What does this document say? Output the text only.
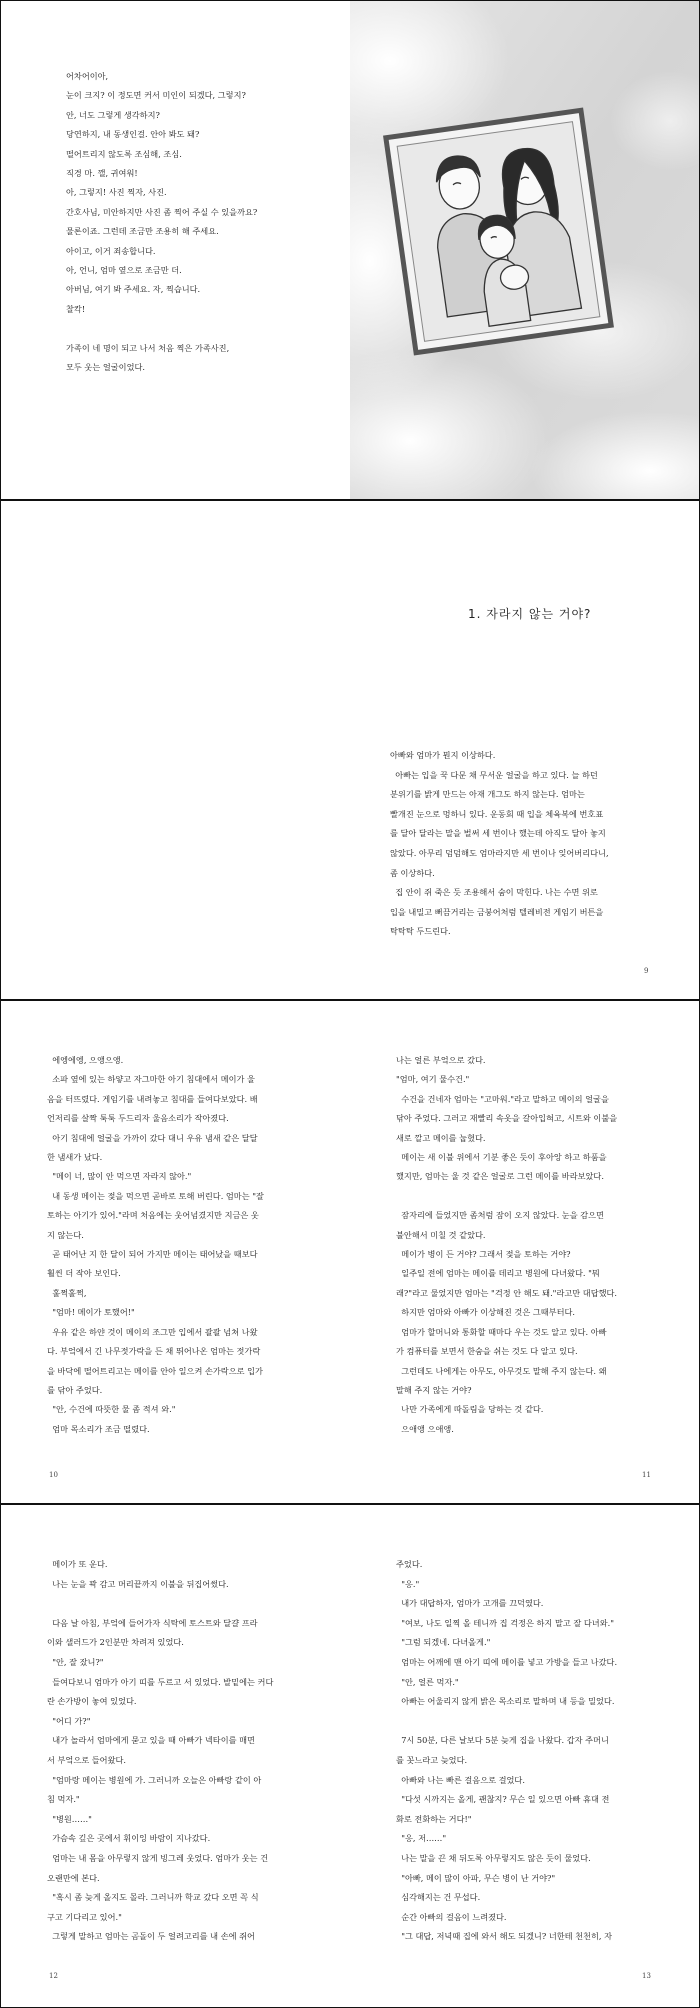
어차어이아,
눈이 크지? 이 정도면 커서 미인이 되겠다, 그렇지?
안, 너도 그렇게 생각하지?
당연하지, 내 동생인걸. 안아 봐도 돼?
떨어트리지 않도록 조심해, 조심.
직경 마. 깰, 귀여워!
아, 그렇지! 사진 찍자, 사진.
간호사님, 미안하지만 사진 좀 찍어 주실 수 있을까요?
물론이죠. 그런데 조금만 조용히 해 주세요.
아이고, 이거 죄송합니다.
아, 언니, 엄마 옆으로 조금만 더.
아버님, 여기 봐 주세요. 자, 찍습니다.
찰칵!

가족이 네 명이 되고 나서 처음 찍은 가족사진,
모두 웃는 얼굴이었다.
아빠와 엄마가 뭔지 이상하다.
아빠는 입을 꾹 다문 채 무서운 얼굴을 하고 있다. 늘 하던
분위기를 밝게 만드는 아재 개그도 하지 않는다. 엄마는
빨개진 눈으로 멍하니 있다. 운동회 때 입을 체육복에 번호표
를 달아 달라는 말을 벌써 세 번이나 했는데 아직도 달아 놓지
않았다. 아무리 덤덤해도 엄마라지만 세 번이나 잊어버리다니,
좀 이상하다.
집 안이 쥐 죽은 듯 조용해서 숨이 막힌다. 나는 수면 위로
입을 내밀고 뻐끔거리는 금붕어처럼 텔레비전 게임기 버튼을
탁탁탁 두드린다.
9
1. 자라지 않는 거야?
에엥에엥, 으앵으앵.
소파 옆에 있는 하얗고 자그마한 아기 침대에서 메이가 울
음을 터뜨렸다. 게임기를 내려놓고 침대를 들여다보았다. 배
언저리를 살짝 툭툭 두드리자 울음소리가 작아졌다.
아기 침대에 얼굴을 가까이 갔다 대니 우유 냄새 같은 달달
한 냄새가 났다.
"메이 너, 많이 안 먹으면 자라지 않아."
내 동생 메이는 젖을 먹으면 곧바로 토해 버린다. 엄마는 "잘
토하는 아기가 있어."라며 처음에는 웃어넘겼지만 지금은 웃
지 않는다.
곧 태어난 지 한 달이 되어 가지만 메이는 태어났을 때보다
훨씬 더 작아 보인다.
훌쩍훌쩍,
"엄마! 메이가 토했어!"
우유 같은 하얀 것이 메이의 조그만 입에서 괄괄 넘쳐 나왔
다. 부엌에서 긴 나무젓가락을 든 채 뛰어나온 엄마는 젓가락
을 바닥에 떨어트리고는 메이를 안아 일으켜 손가락으로 입가
를 닦아 주었다.
"안, 수건에 따뜻한 물 좀 적셔 와."
엄마 목소리가 조금 떨렸다.
10
나는 얼른 부엌으로 갔다.
"엄마, 여기 물수건."
수건을 건네자 엄마는 "고마워."라고 말하고 메이의 얼굴을
닦아 주었다. 그러고 재빨리 속옷을 갈아입혀고, 시트와 이불을
새로 깔고 메이를 눕혔다.
메이는 새 이불 위에서 기분 좋은 듯이 후아앙 하고 하품을
했지만, 엄마는 울 것 같은 얼굴로 그런 메이를 바라보았다.

잠자리에 들었지만 좀처럼 잠이 오지 않았다. 눈을 감으면
불안해서 미칠 것 같았다.
메이가 병이 든 거야? 그래서 젖을 토하는 거야?
일주일 전에 엄마는 메이를 데리고 병원에 다녀왔다. "뭐
래?"라고 물었지만 엄마는 "걱정 안 해도 돼."라고만 대답했다.
하지만 엄마와 아빠가 이상해진 것은 그때부터다.
엄마가 할머니와 통화할 때마다 우는 것도 알고 있다. 아빠
가 컴퓨터를 보면서 한숨을 쉬는 것도 다 알고 있다.
그런데도 나에게는 아무도, 아무것도 말해 주지 않는다. 왜
말해 주지 않는 거야?
나만 가족에게 따돌림을 당하는 것 같다.
으애앵 으애앵.
11
메이가 또 운다.
나는 눈을 꽉 감고 머리끝까지 이불을 뒤집어썼다.

다음 날 아침, 부엌에 들어가자 식탁에 토스트와 달걀 프라
이와 샐러드가 2인분만 차려져 있었다.
"안, 잘 잤니?"
들여다보니 엄마가 아기 띠를 두르고 서 있었다. 발밑에는 커다
란 손가방이 놓여 있었다.
"어디 가?"
내가 놀라서 엄마에게 묻고 있을 때 아빠가 넥타이를 매면
서 부엌으로 들어왔다.
"엄마랑 메이는 병원에 가. 그러니까 오늘은 아빠랑 같이 아
침 먹자."
"병원……"
가슴속 깊은 곳에서 휘이잉 바람이 지나갔다.
엄마는 내 몸을 아무렇지 않게 빙그레 웃었다. 엄마가 웃는 건
오랜만에 본다.
"혹시 좀 늦게 올지도 몰라. 그러니까 학교 갔다 오면 꼭 식
구고 기다리고 있어."
그렇게 말하고 엄마는 곰돌이 두 얼려고리를 내 손에 쥐어
12
주었다.
"응."
내가 대답하자, 엄마가 고개를 끄덕였다.
"여보, 나도 일찍 올 테니까 집 걱정은 하지 말고 잘 다녀와."
"그럼 되겠네. 다녀올게."
엄마는 어깨에 맨 아기 띠에 메이를 넣고 가방을 들고 나갔다.
"안, 얼른 먹자."
아빠는 어울리지 않게 밝은 목소리로 말하며 내 등을 밀었다.

7시 50분, 다른 날보다 5분 늦게 집을 나왔다. 갑자 주머니
를 꼿느라고 늦었다.
아빠와 나는 빠른 걸음으로 걸었다.
"다섯 시까지는 올게, 괜찮지? 무슨 일 있으면 아빠 휴대 전
화로 전화하는 거다!"
"응, 저……"
나는 말을 끈 채 뒤도록 아무렇지도 않은 듯이 물었다.
"아빠, 메이 많이 아파, 무슨 병이 난 거야?"
심각해지는 건 무섭다.
순간 아빠의 걸음이 느려졌다.
"그 대답, 저녁때 집에 와서 해도 되겠니? 너한테 천천히, 자
13
